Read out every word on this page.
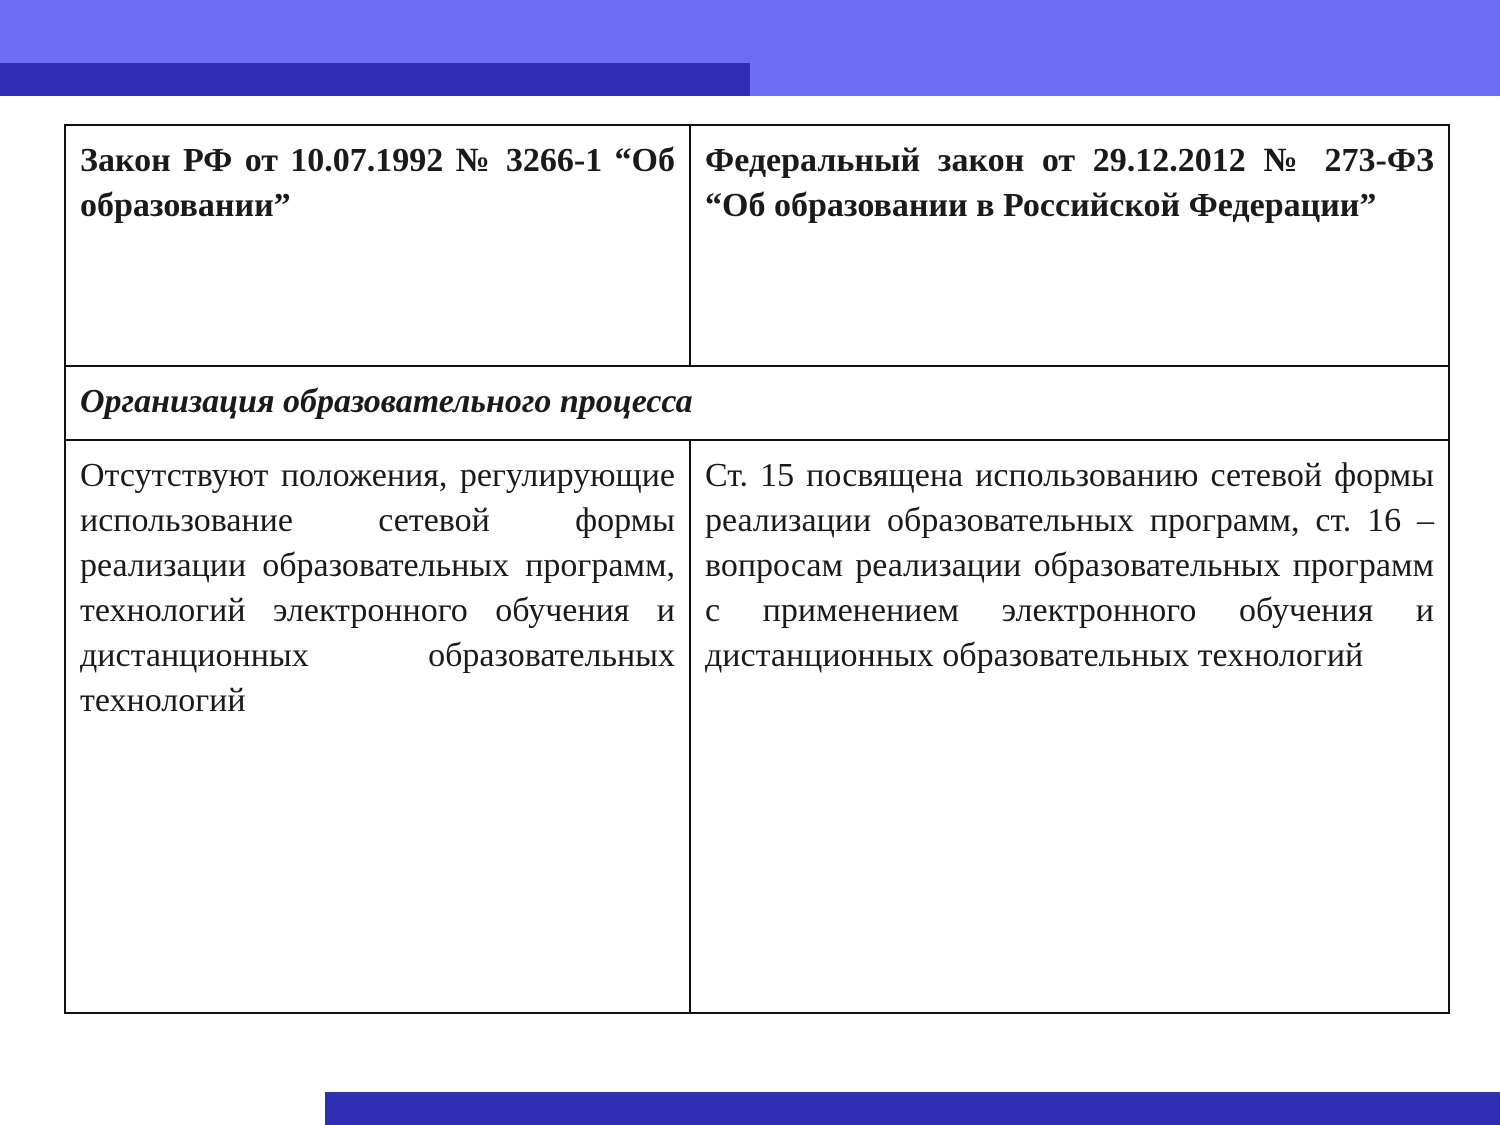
Закон РФ от 10.07.1992 № 3266-1 “Об образовании”	Федеральный закон от 29.12.2012 № 273-ФЗ “Об образовании в Российской Федерации”
Организация образовательного процесса	
Отсутствуют положения, регулирующие использование сетевой формы реализации образовательных программ, технологий электронного обучения и дистанционных образовательных технологий	Ст. 15 посвящена использованию сетевой формы реализации образовательных программ, ст. 16 – вопросам реализации образовательных программ с применением электронного обучения и дистанционных образовательных технологий
